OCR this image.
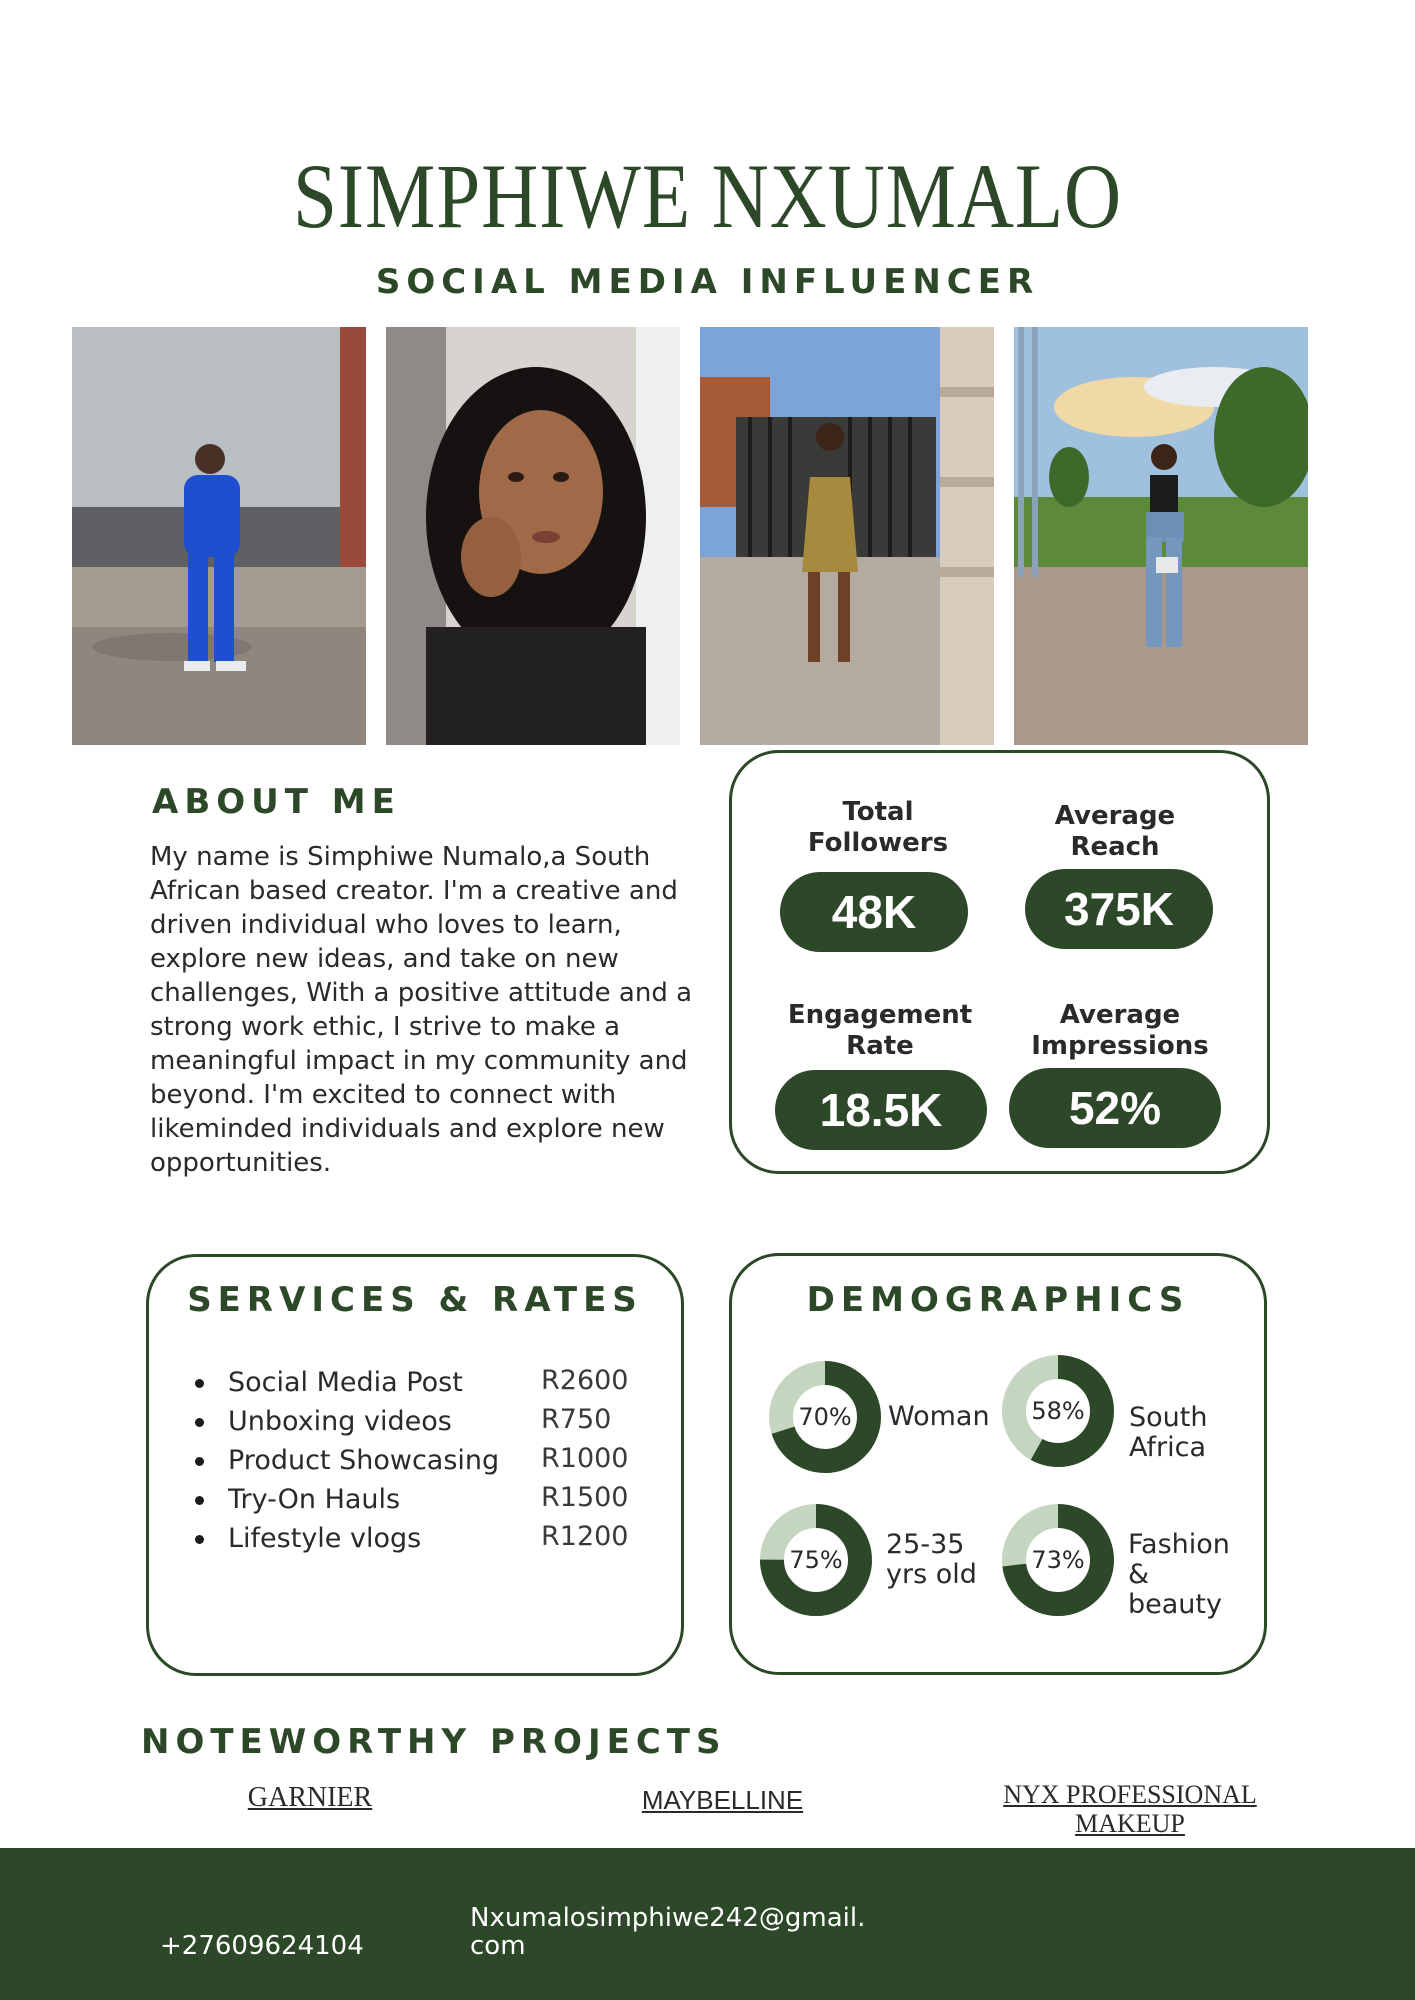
SIMPHIWE NXUMALO
SOCIAL MEDIA INFLUENCER
ABOUT ME
My name is Simphiwe Numalo,a South African based creator. I'm a creative and driven individual who loves to learn, explore new ideas, and take on new challenges, With a positive attitude and a strong work ethic, I strive to make a meaningful impact in my community and beyond. I'm excited to connect with likeminded individuals and explore new opportunities.
Total Followers
48K
Average Reach
375K
Engagement Rate
18.5K
Average Impressions
52%
SERVICES & RATES
Social Media Post	R2600
Unboxing videos	R750
Product Showcasing R1000
Try-On Hauls	R1500
Lifestyle vlogs	R1200
DEMOGRAPHICS
70%	Woman	58%	South Africa
75%	25-35 yrs old	73%	Fashion & beauty
NOTEWORTHY PROJECTS
GARNIER	MAYBELLINE	NYX PROFESSIONAL MAKEUP
+27609624104
Nxumalosimphiwe242@gmail.com
